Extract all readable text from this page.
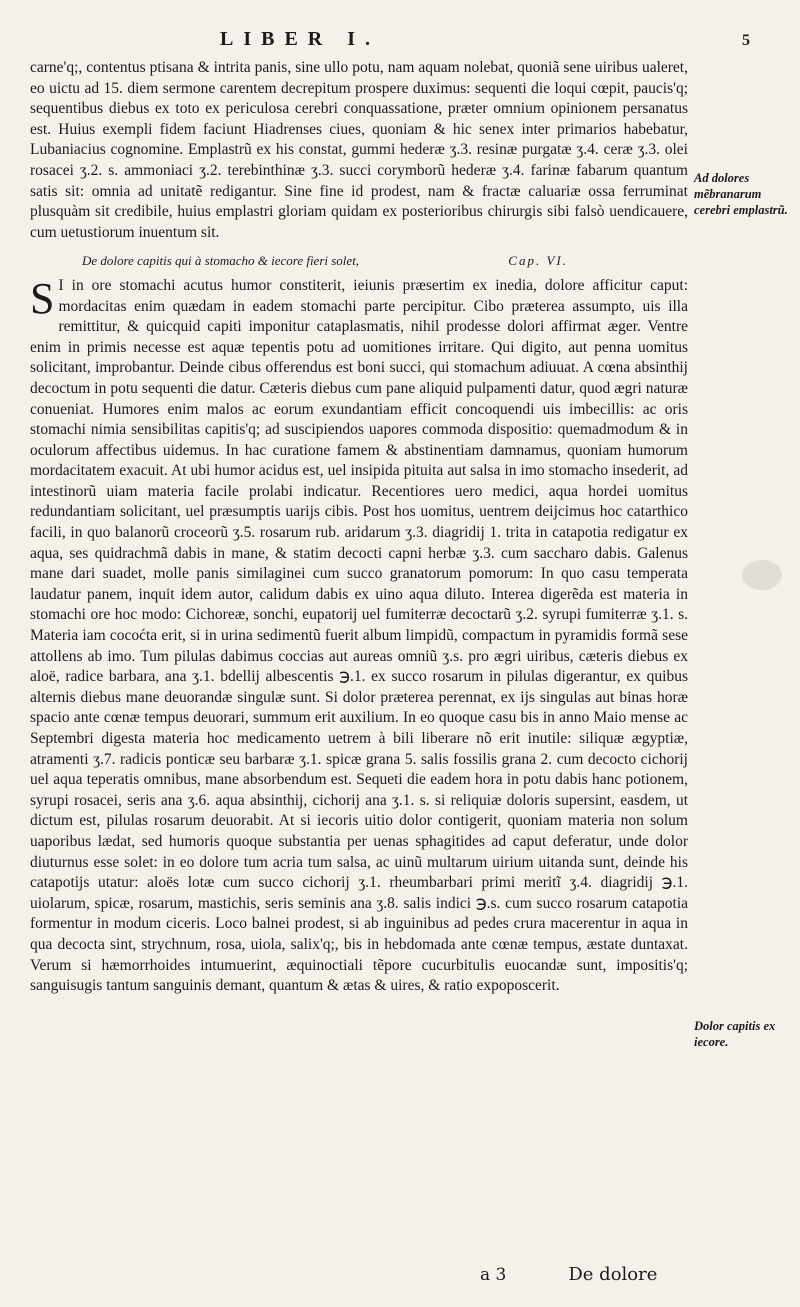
LIBER I.	5

carne'q;, contentus ptisana & intrita panis, sine ullo potu, nam aquam nolebat, quoniã sene uiribus ualeret, eo uictu ad 15. diem sermone carentem decrepitum prospere duximus: sequenti die loqui cœpit, paucis'q; sequentibus diebus ex toto ex periculosa cerebri conquassatione, præter omnium opinionem persanatus est. Huius exempli fidem faciunt Hiadrenses ciues, quoniam & hic senex inter primarios habebatur, Lubaniacius cognomine. Emplastrũ ex his constat, gummi hederæ ʒ.3. resinæ purgatæ ʒ.4. ceræ ʒ.3. olei rosacei ʒ.2. s. ammoniaci ʒ.2. terebinthinæ ʒ.3. succi corymborũ hederæ ʒ.4. farinæ fabarum quantum satis sit: omnia ad unitatẽ redigantur. Sine fine id prodest, nam & fractæ caluariæ ossa ferruminat plusquàm sit credibile, huius emplastri gloriam quidam ex posterioribus chirurgis sibi falsò uendicauere, cum uetustiorum inuentum sit.

De dolore capitis qui à stomacho & iecore fieri solet,	Cap. VI.

S I in ore stomachi acutus humor constiterit, ieiunis præsertim ex inedia, dolore afficitur caput: mordacitas enim quædam in eadem stomachi parte percipitur. Cibo præterea assumpto, uis illa remittitur, & quicquid capiti imponitur cataplasmatis, nihil prodesse dolori affirmat æger. Ventre enim in primis necesse est aquæ tepentis potu ad uomitiones irritare. Qui digito, aut penna uomitus solicitant, improbantur. Deinde cibus offerendus est boni succi, qui stomachum adiuuat. A cœna absinthij decoctum in potu sequenti die datur. Cæteris diebus cum pane aliquid pulpamenti datur, quod ægri naturæ conueniat. Humores enim malos ac eorum exundantiam efficit concoquendi uis imbecillis: ac oris stomachi nimia sensibilitas capitis'q; ad suscipiendos uapores commoda dispositio: quemadmodum & in oculorum affectibus uidemus. In hac curatione famem & abstinentiam damnamus, quoniam humorum mordacitatem exacuit. At ubi humor acidus est, uel insipida pituita aut salsa in imo stomacho insederit, ad intestinorũ uiam materia facile prolabi indicatur. Recentiores uero medici, aqua hordei uomitus redundantiam solicitant, uel præsumptis uarijs cibis. Post hos uomitus, uentrem deijcimus hoc catarthico facili, in quo balanorũ croceorũ ʒ.5. rosarum rub. aridarum ʒ.3. diagridij 1. trita in catapotia redigatur ex aqua, ses quidrachmã dabis in mane, & statim decocti capni herbæ ʒ.3. cum saccharo dabis. Galenus mane dari suadet, molle panis similaginei cum succo granatorum pomorum: In quo casu temperata laudatur panem, inquit idem autor, calidum dabis ex uino aqua diluto. Interea digerẽda est materia in stomachi ore hoc modo: Cichoreæ, sonchi, eupatorij uel fumiterræ decoctarũ ʒ.2. syrupi fumiterræ ʒ.1. s. Materia iam cocoćta erit, si in urina sedimentũ fuerit album limpidũ, compactum in pyramidis formã sese attollens ab imo. Tum pilulas dabimus coccias aut aureas omniũ ʒ.s. pro ægri uiribus, cæteris diebus ex aloë, radice barbara, ana ʒ.1. bdellij albescentis ℈.1. ex succo rosarum in pilulas digerantur, ex quibus alternis diebus mane deuorandæ singulæ sunt. Si dolor præterea perennat, ex ijs singulas aut binas horæ spacio ante cœnæ tempus deuorari, summum erit auxilium. In eo quoque casu bis in anno Maio mense ac Septembri digesta materia hoc medicamento uetrem à bili liberare nõ erit inutile: siliquæ ægyptiæ, atramenti ʒ.7. radicis ponticæ seu barbaræ ʒ.1. spicæ grana 5. salis fossilis grana 2. cum decocto cichorij uel aqua teperatis omnibus, mane absorbendum est. Sequeti die eadem hora in potu dabis hanc potionem, syrupi rosacei, seris ana ʒ.6. aqua absinthij, cichorij ana ʒ.1. s. si reliquiæ doloris supersint, easdem, ut dictum est, pilulas rosarum deuorabit. At si iecoris uitio dolor contigerit, quoniam materia non solum uaporibus lædat, sed humoris quoque substantia per uenas sphagitides ad caput deferatur, unde dolor diuturnus esse solet: in eo dolore tum acria tum salsa, ac uinũ multarum uirium uitanda sunt, deinde his catapotijs utatur: aloës lotæ cum succo cichorij ʒ.1. rheumbarbari primi meritĩ ʒ.4. diagridij ℈.1. uiolarum, spicæ, rosarum, mastichis, seris seminis ana ʒ.8. salis indici ℈.s. cum succo rosarum catapotia formentur in modum ciceris. Loco balnei prodest, si ab inguinibus ad pedes crura macerentur in aqua in qua decocta sint, strychnum, rosa, uiola, salix'q;, bis in hebdomada ante cœnæ tempus, æstate duntaxat. Verum si hæmorrhoides intumuerint, æquinoctiali tẽpore cucurbitulis euocandæ sunt, impositis'q; sanguisugis tantum sanguinis demant, quantum & ætas & uires, & ratio expoposcerit.

Ad dolores mẽbranarum cerebri emplastrũ.
Dolor capitis ex iecore.
a 3	De dolore
